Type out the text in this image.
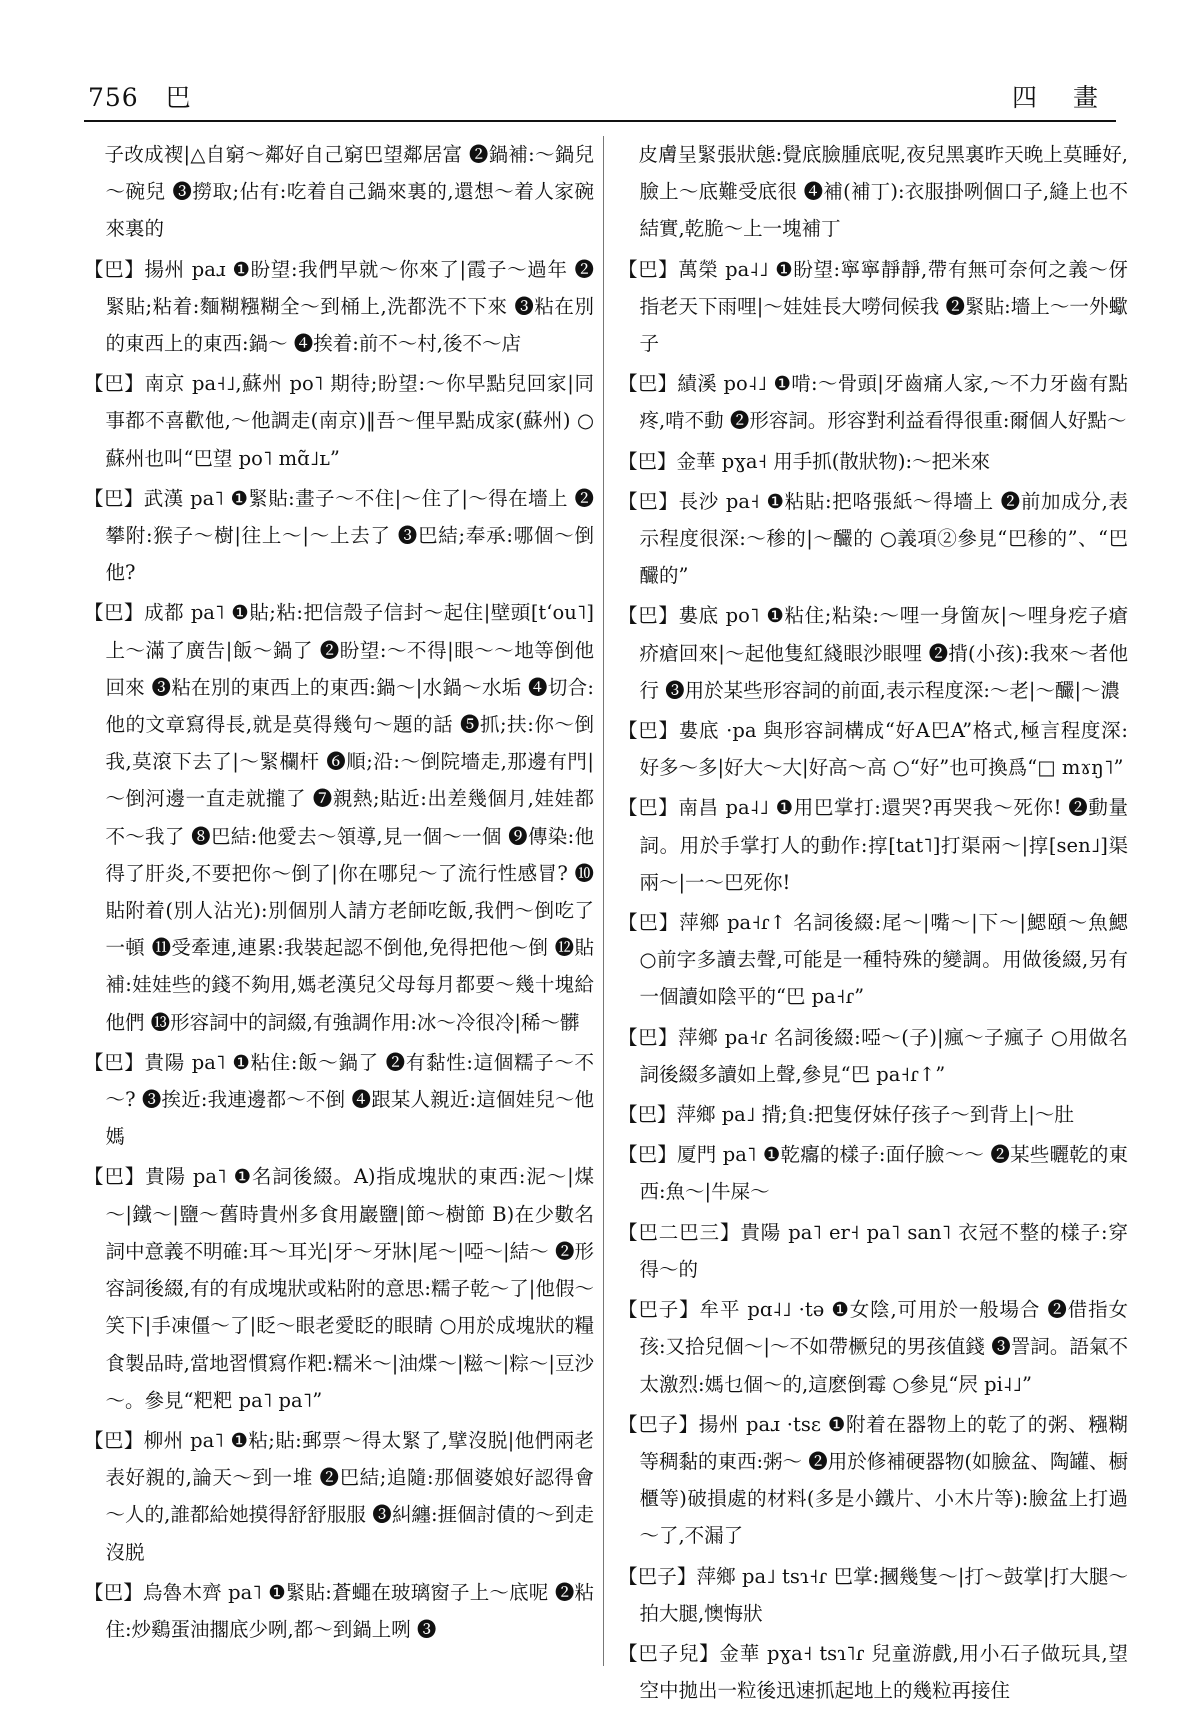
756 巴	四 畫
子改成褉|△自窮～鄰好自己窮巴望鄰居富 ❷鍋補:～鍋兒～碗兒 ❸撈取;佔有:吃着自己鍋來裏的,還想～着人家碗來裏的
【巴】揚州 paɹ ❶盼望:我們早就～你來了|霞子～過年 ❷緊貼;粘着:麵糊糨糊全～到桶上,洗都洗不下來 ❸粘在別的東西上的東西:鍋～ ❹挨着:前不～村,後不～店
【巴】南京 pa˧˩,蘇州 po˥ 期待;盼望:～你早點兒回家|同事都不喜歡他,～他調走(南京)‖吾～俚早點成家(蘇州) ○蘇州也叫“巴望 po˥ mɑ̃˩ʟ”
【巴】武漢 pa˥ ❶緊貼:畫子～不住|～住了|～得在墻上 ❷攀附:猴子～樹|往上～|～上去了 ❸巴結;奉承:哪個～倒他?
【巴】成都 pa˥ ❶貼;粘:把信殼子信封～起住|壁頭[tʻou˥]上～滿了廣告|飯～鍋了 ❷盼望:～不得|眼～～地等倒他回來 ❸粘在別的東西上的東西:鍋～|水鍋～水垢 ❹切合:他的文章寫得長,就是莫得幾句～題的話 ❺抓;扶:你～倒我,莫滾下去了|～緊欄杆 ❻順;沿:～倒院墻走,那邊有門|～倒河邊一直走就攏了 ❼親熱;貼近:出差幾個月,娃娃都不～我了 ❽巴結:他愛去～領導,見一個～一個 ❾傳染:他得了肝炎,不要把你～倒了|你在哪兒～了流行性感冒? ❿貼附着(別人沾光):別個別人請方老師吃飯,我們～倒吃了一頓 ⓫受牽連,連累:我裝起認不倒他,免得把他～倒 ⓬貼補:娃娃些的錢不夠用,媽老漢兒父母每月都要～幾十塊給他們 ⓭形容詞中的詞綴,有強調作用:冰～冷很冷|稀～髒
【巴】貴陽 pa˥ ❶粘住:飯～鍋了 ❷有黏性:這個糯子～不～? ❸挨近:我連邊都～不倒 ❹跟某人親近:這個娃兒～他媽
【巴】貴陽 pa˥ ❶名詞後綴。A)指成塊狀的東西:泥～|煤～|鐵～|鹽～舊時貴州多食用巖鹽|節～樹節 B)在少數名詞中意義不明確:耳～耳光|牙～牙牀|尾～|啞～|結～ ❷形容詞後綴,有的有成塊狀或粘附的意思:糯子乾～了|他假～笑下|手凍僵～了|眨～眼老愛眨的眼睛 ○用於成塊狀的糧食製品時,當地習慣寫作粑:糯米～|油煠～|糍～|粽～|豆沙～。參見“粑粑 pa˥ pa˥”
【巴】柳州 pa˥ ❶粘;貼:郵票～得太緊了,擘沒脱|他們兩老表好親的,論天～到一堆 ❷巴結;追隨:那個婆娘好認得會～人的,誰都給她摸得舒舒服服 ❸糾纏:捱個討債的～到走沒脱
【巴】烏魯木齊 pa˥ ❶緊貼:蒼蠅在玻璃窗子上～底呢 ❷粘住:炒鷄蛋油擱底少咧,都～到鍋上咧 ❸
皮膚呈緊張狀態:覺底臉腫底呢,夜兒黑裏昨天晚上莫睡好,臉上～底難受底很 ❹補(補丁):衣服掛咧個口子,縫上也不結實,乾脆～上一塊補丁
【巴】萬榮 pa˨˩ ❶盼望:寧寧靜靜,帶有無可奈何之義～伢指老天下雨哩|～娃娃長大嘮伺候我 ❷緊貼:墻上～一外蠍子
【巴】績溪 po˨˩ ❶啃:～骨頭|牙齒痛人家,～不力牙齒有點疼,啃不動 ❷形容詞。形容對利益看得很重:爾個人好點～
【巴】金華 pɣa˧ 用手抓(散狀物):～把米來
【巴】長沙 pa˧ ❶粘貼:把咯張紙～得墻上 ❷前加成分,表示程度很深:～䅟的|～釅的 ○義項②參見“巴䅟的”、“巴釅的”
【巴】婁底 po˥ ❶粘住;粘染:～哩一身箇灰|～哩身疙子瘡疥瘡回來|～起他隻紅綫眼沙眼哩 ❷揹(小孩):我來～者他行 ❸用於某些形容詞的前面,表示程度深:～老|～釅|～濃
【巴】婁底 ·pa 與形容詞構成“好A巴A”格式,極言程度深:好多～多|好大～大|好高～高 ○“好”也可換爲“□ mɤŋ˥”
【巴】南昌 pa˨˩ ❶用巴掌打:還哭?再哭我～死你! ❷動量詞。用於手掌打人的動作:㨃[tat˥]打渠兩～|㨃[sen˩]渠兩～|一～巴死你!
【巴】萍鄉 pa˧ɾ↑ 名詞後綴:尾～|嘴～|下～|鰓頤～魚鰓 ○前字多讀去聲,可能是一種特殊的變調。用做後綴,另有一個讀如陰平的“巴 pa˧ɾ”
【巴】萍鄉 pa˧ɾ 名詞後綴:啞～(子)|瘋～子瘋子 ○用做名詞後綴多讀如上聲,參見“巴 pa˧ɾ↑”
【巴】萍鄉 pa˩ 揹;負:把隻伢妹仔孩子～到背上|～肚
【巴】厦門 pa˥ ❶乾癟的樣子:面仔臉～～ ❷某些曬乾的東西:魚～|牛屎～
【巴二巴三】貴陽 pa˥ er˧ pa˥ san˥ 衣冠不整的樣子:穿得～的
【巴子】牟平 pɑ˨˩ ·tə ❶女陰,可用於一般場合 ❷借指女孩:又拾兒個～|～不如帶橛兒的男孩值錢 ❸詈詞。語氣不太激烈:媽乜個～的,這麽倒霉 ○參見“屄 pi˨˩”
【巴子】揚州 paɹ ·tsɛ ❶附着在器物上的乾了的粥、糨糊等稠黏的東西:粥～ ❷用於修補硬器物(如臉盆、陶罐、橱櫃等)破損處的材料(多是小鐵片、小木片等):臉盆上打過～了,不漏了
【巴子】萍鄉 pa˩ tsɿ˧ɾ 巴掌:摑幾隻～|打～鼓掌|打大腿～拍大腿,懊悔狀
【巴子兒】金華 pɣa˧ tsɿ˥ɾ 兒童游戲,用小石子做玩具,望空中拋出一粒後迅速抓起地上的幾粒再接住
